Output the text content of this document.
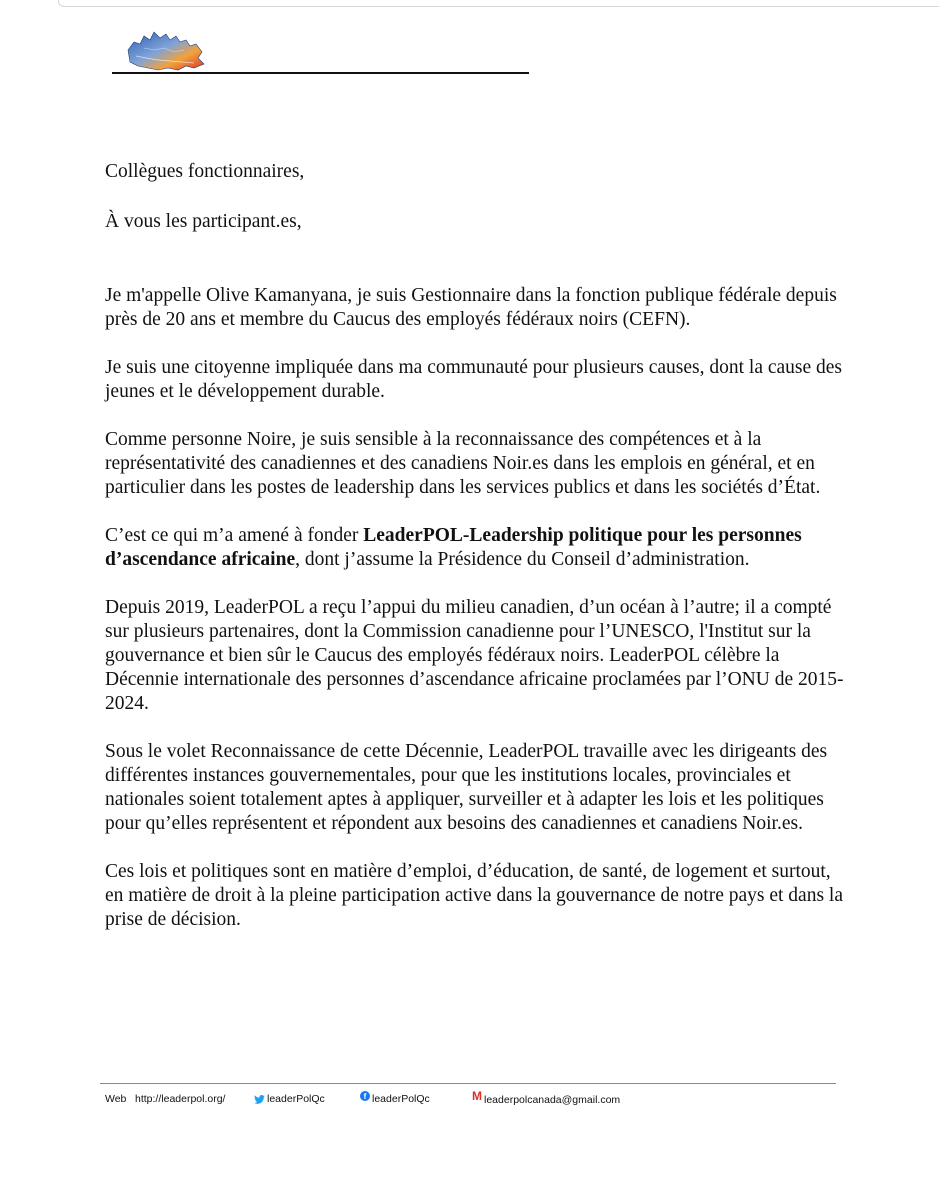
Collègues fonctionnaires,

À vous les participant.es,

Je m'appelle Olive Kamanyana, je suis Gestionnaire dans la fonction publique fédérale depuis près de 20 ans et membre du Caucus des employés fédéraux noirs (CEFN).

Je suis une citoyenne impliquée dans ma communauté pour plusieurs causes, dont la cause des jeunes et le développement durable.

Comme personne Noire, je suis sensible à la reconnaissance des compétences et à la représentativité des canadiennes et des canadiens Noir.es dans les emplois en général, et en particulier dans les postes de leadership dans les services publics et dans les sociétés d’État.

C’est ce qui m’a amené à fonder LeaderPOL-Leadership politique pour les personnes d’ascendance africaine, dont j’assume la Présidence du Conseil d’administration.

Depuis 2019, LeaderPOL a reçu l’appui du milieu canadien, d’un océan à l’autre; il a compté sur plusieurs partenaires, dont la Commission canadienne pour l’UNESCO, l'Institut sur la gouvernance et bien sûr le Caucus des employés fédéraux noirs. LeaderPOL célèbre la Décennie internationale des personnes d’ascendance africaine proclamées par l’ONU de 2015-2024.

Sous le volet Reconnaissance de cette Décennie, LeaderPOL travaille avec les dirigeants des différentes instances gouvernementales, pour que les institutions locales, provinciales et nationales soient totalement aptes à appliquer, surveiller et à adapter les lois et les politiques pour qu’elles représentent et répondent aux besoins des canadiennes et canadiens Noir.es.

Ces lois et politiques sont en matière d’emploi, d’éducation, de santé, de logement et surtout, en matière de droit à la pleine participation active dans la gouvernance de notre pays et dans la prise de décision.

Web http://leaderpol.org/	leaderPolQc	f leaderPolQc	M leaderpolcanada@gmail.com
